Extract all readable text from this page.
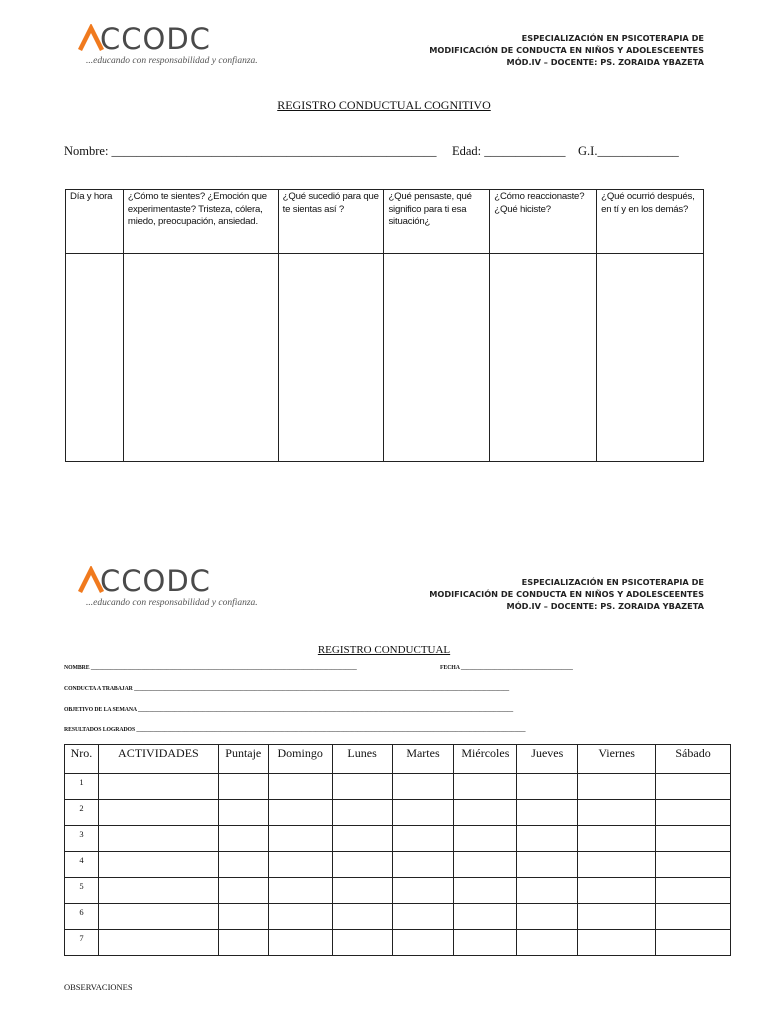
CCODC
...educando con responsabilidad y confianza.
ESPECIALIZACIÓN EN PSICOTERAPIA DE
MODIFICACIÓN DE CONDUCTA EN NIÑOS Y ADOLESCEENTES
MÓD.IV – DOCENTE: PS. ZORAIDA YBAZETA
REGISTRO CONDUCTUAL COGNITIVO
Nombre: ____________________________________________________ Edad: _____________ G.I._____________
Día y hora	¿Cómo te sientes? ¿Emoción que experimentaste? Tristeza, cólera, miedo, preocupación, ansiedad.	¿Qué sucedió para que te sientas así ?	¿Qué pensaste, qué significo para ti esa situación¿	¿Cómo reaccionaste? ¿Qué hiciste?	¿Qué ocurrió después, en tí y en los demás?

CCODC
...educando con responsabilidad y confianza.
ESPECIALIZACIÓN EN PSICOTERAPIA DE
MODIFICACIÓN DE CONDUCTA EN NIÑOS Y ADOLESCEENTES
MÓD.IV – DOCENTE: PS. ZORAIDA YBAZETA
REGISTRO CONDUCTUAL
NOMBRE _______________________________________________________________________________________________	FECHA ________________________________________
CONDUCTA A TRABAJAR ______________________________________________________________________________________________________________________________________
OBJETIVO DE LA SEMANA ______________________________________________________________________________________________________________________________________
RESULTADOS LOGRADOS ___________________________________________________________________________________________________________________________________________
Nro.	ACTIVIDADES	Puntaje	Domingo	Lunes	Martes	Miércoles	Jueves	Viernes	Sábado
1									
2									
3									
4									
5									
6									
7									
OBSERVACIONES
